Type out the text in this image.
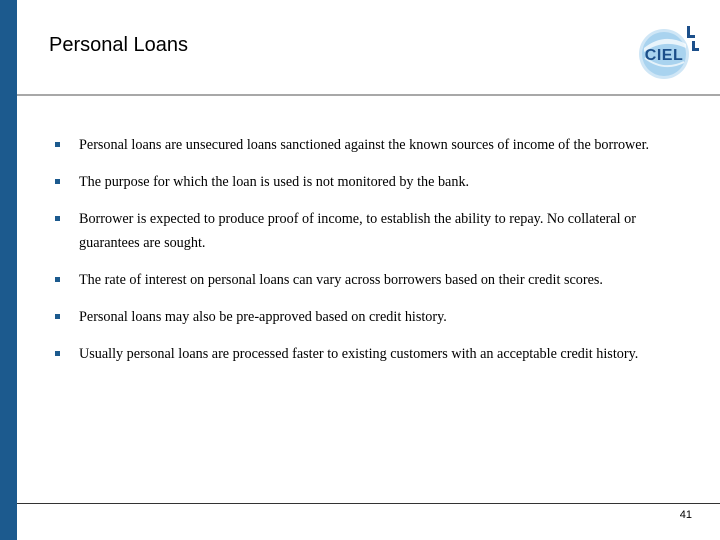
Personal Loans	CIEL
Personal loans are unsecured loans sanctioned against the known sources of income of the borrower.
The purpose for which the loan is used is not monitored by the bank.
Borrower is expected to produce proof of income, to establish the ability to repay. No collateral or guarantees are sought.
The rate of interest on personal loans can vary across borrowers based on their credit scores.
Personal loans may also be pre-approved based on credit history.
Usually personal loans are processed faster to existing customers with an acceptable credit history.
41
